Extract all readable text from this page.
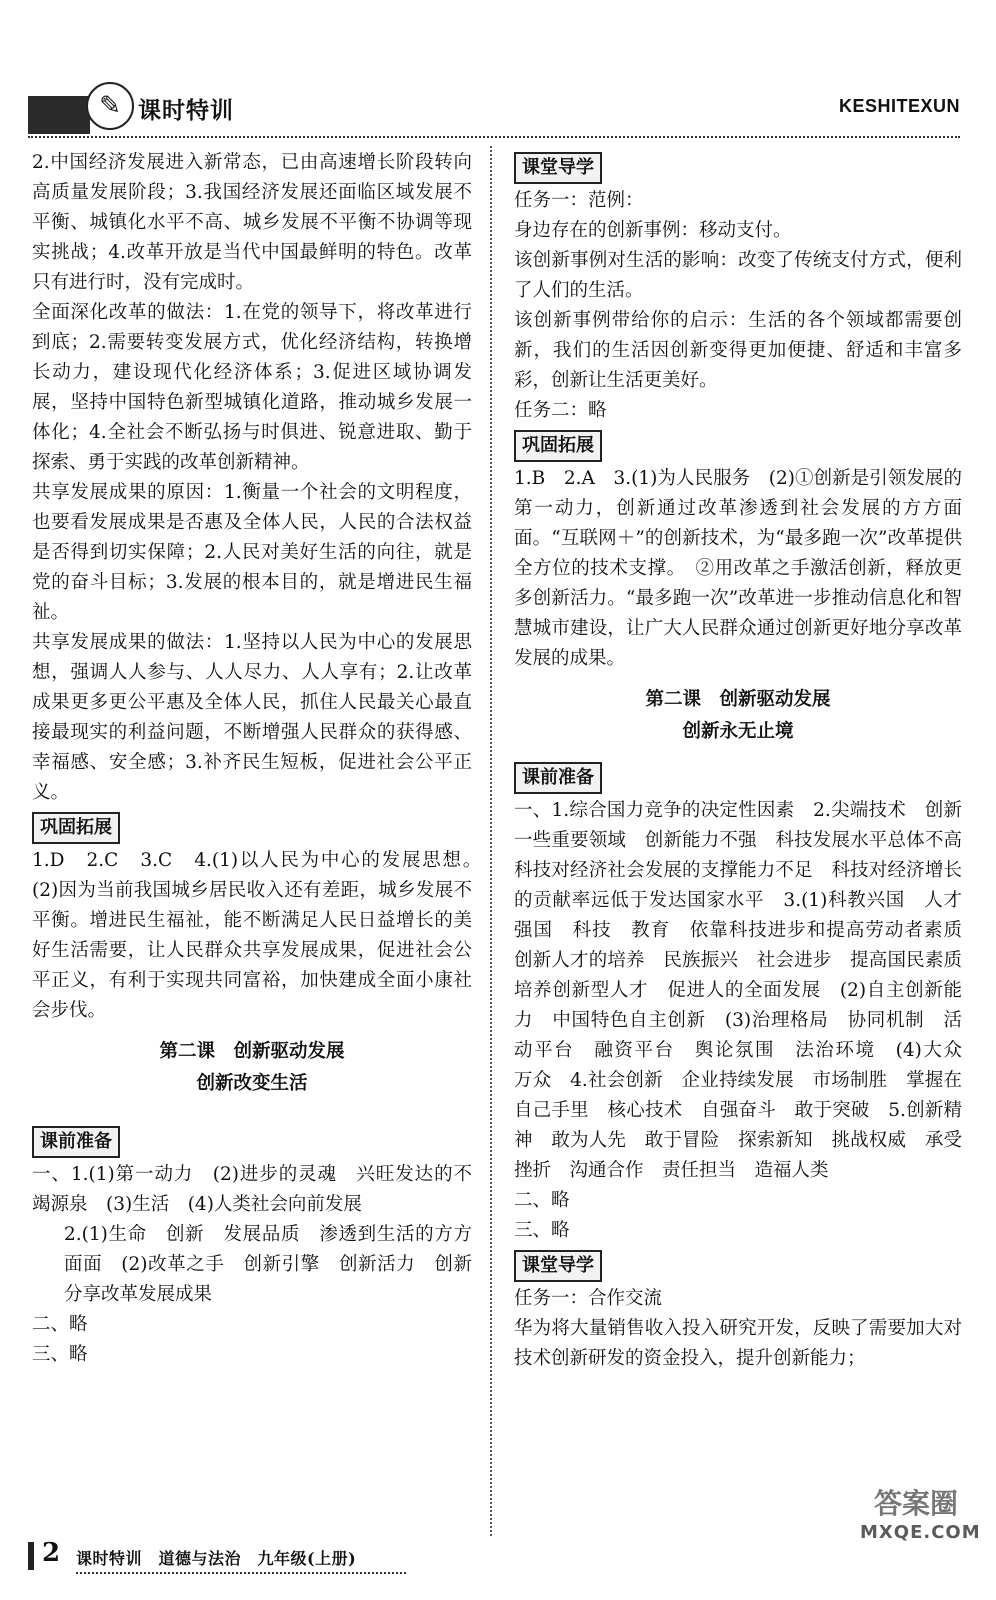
✎ 课时特训	KESHITEXUN

2.中国经济发展进入新常态，已由高速增长阶段转向高质量发展阶段；3.我国经济发展还面临区域发展不平衡、城镇化水平不高、城乡发展不平衡不协调等现实挑战；4.改革开放是当代中国最鲜明的特色。改革只有进行时，没有完成时。

全面深化改革的做法：1.在党的领导下，将改革进行到底；2.需要转变发展方式，优化经济结构，转换增长动力，建设现代化经济体系；3.促进区域协调发展，坚持中国特色新型城镇化道路，推动城乡发展一体化；4.全社会不断弘扬与时俱进、锐意进取、勤于探索、勇于实践的改革创新精神。

共享发展成果的原因：1.衡量一个社会的文明程度，也要看发展成果是否惠及全体人民，人民的合法权益是否得到切实保障；2.人民对美好生活的向往，就是党的奋斗目标；3.发展的根本目的，就是增进民生福祉。

共享发展成果的做法：1.坚持以人民为中心的发展思想，强调人人参与、人人尽力、人人享有；2.让改革成果更多更公平惠及全体人民，抓住人民最关心最直接最现实的利益问题，不断增强人民群众的获得感、幸福感、安全感；3.补齐民生短板，促进社会公平正义。

巩固拓展

1.D　2.C　3.C　4.(1)以人民为中心的发展思想。　(2)因为当前我国城乡居民收入还有差距，城乡发展不平衡。增进民生福祉，能不断满足人民日益增长的美好生活需要，让人民群众共享发展成果，促进社会公平正义，有利于实现共同富裕，加快建成全面小康社会步伐。

第二课　创新驱动发展

创新改变生活

课前准备

一、1.(1)第一动力　(2)进步的灵魂　兴旺发达的不竭源泉　(3)生活　(4)人类社会向前发展

2.(1)生命　创新　发展品质　渗透到生活的方方面面　(2)改革之手　创新引擎　创新活力　创新　分享改革发展成果

二、略

三、略

课堂导学

任务一：范例：

身边存在的创新事例：移动支付。

该创新事例对生活的影响：改变了传统支付方式，便利了人们的生活。

该创新事例带给你的启示：生活的各个领域都需要创新，我们的生活因创新变得更加便捷、舒适和丰富多彩，创新让生活更美好。

任务二：略

巩固拓展

1.B　2.A　3.(1)为人民服务　(2)①创新是引领发展的第一动力，创新通过改革渗透到社会发展的方方面面。“互联网＋”的创新技术，为“最多跑一次”改革提供全方位的技术支撑。　②用改革之手激活创新，释放更多创新活力。“最多跑一次”改革进一步推动信息化和智慧城市建设，让广大人民群众通过创新更好地分享改革发展的成果。

第二课　创新驱动发展

创新永无止境

课前准备

一、1.综合国力竞争的决定性因素　2.尖端技术　创新　一些重要领域　创新能力不强　科技发展水平总体不高　科技对经济社会发展的支撑能力不足　科技对经济增长的贡献率远低于发达国家水平　3.(1)科教兴国　人才强国　科技　教育　依靠科技进步和提高劳动者素质　创新人才的培养　民族振兴　社会进步　提高国民素质　培养创新型人才　促进人的全面发展　(2)自主创新能力　中国特色自主创新　(3)治理格局　协同机制　活动平台　融资平台　舆论氛围　法治环境　(4)大众　万众　4.社会创新　企业持续发展　市场制胜　掌握在自己手里　核心技术　自强奋斗　敢于突破　5.创新精神　敢为人先　敢于冒险　探索新知　挑战权威　承受挫折　沟通合作　责任担当　造福人类

二、略

三、略

课堂导学

任务一：合作交流

华为将大量销售收入投入研究开发，反映了需要加大对技术创新研发的资金投入，提升创新能力；

答案圈
MXQE.COM
2 课时特训　道德与法治　九年级(上册)
